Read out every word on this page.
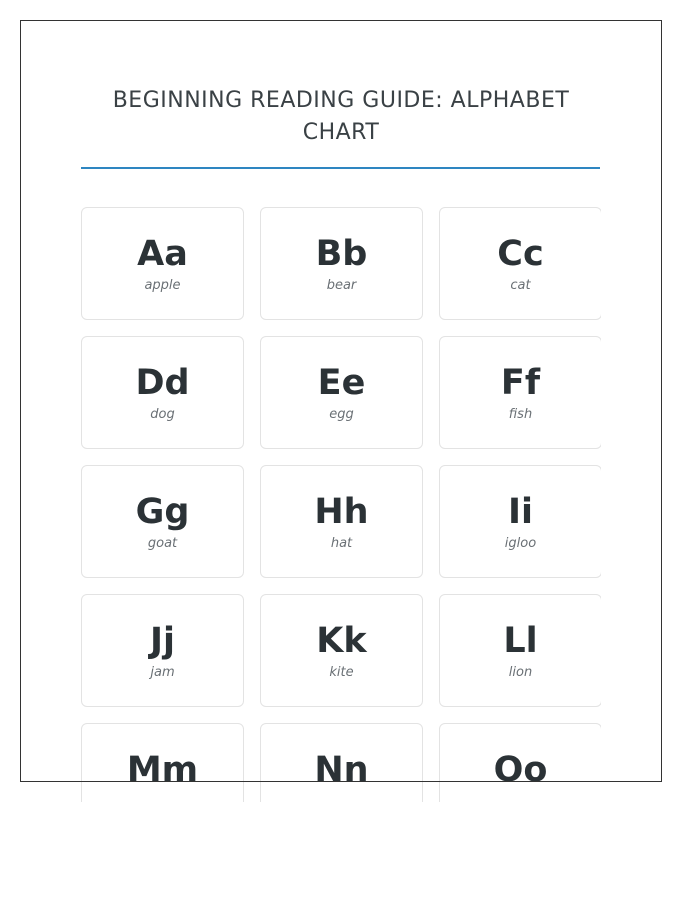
BEGINNING READING GUIDE: ALPHABET CHART
Aa
apple
Bb
bear
Cc
cat
Dd
dog
Ee
egg
Ff
fish
Gg
goat
Hh
hat
Ii
igloo
Jj
jam
Kk
kite
Ll
lion
Mm	Nn	Oo
